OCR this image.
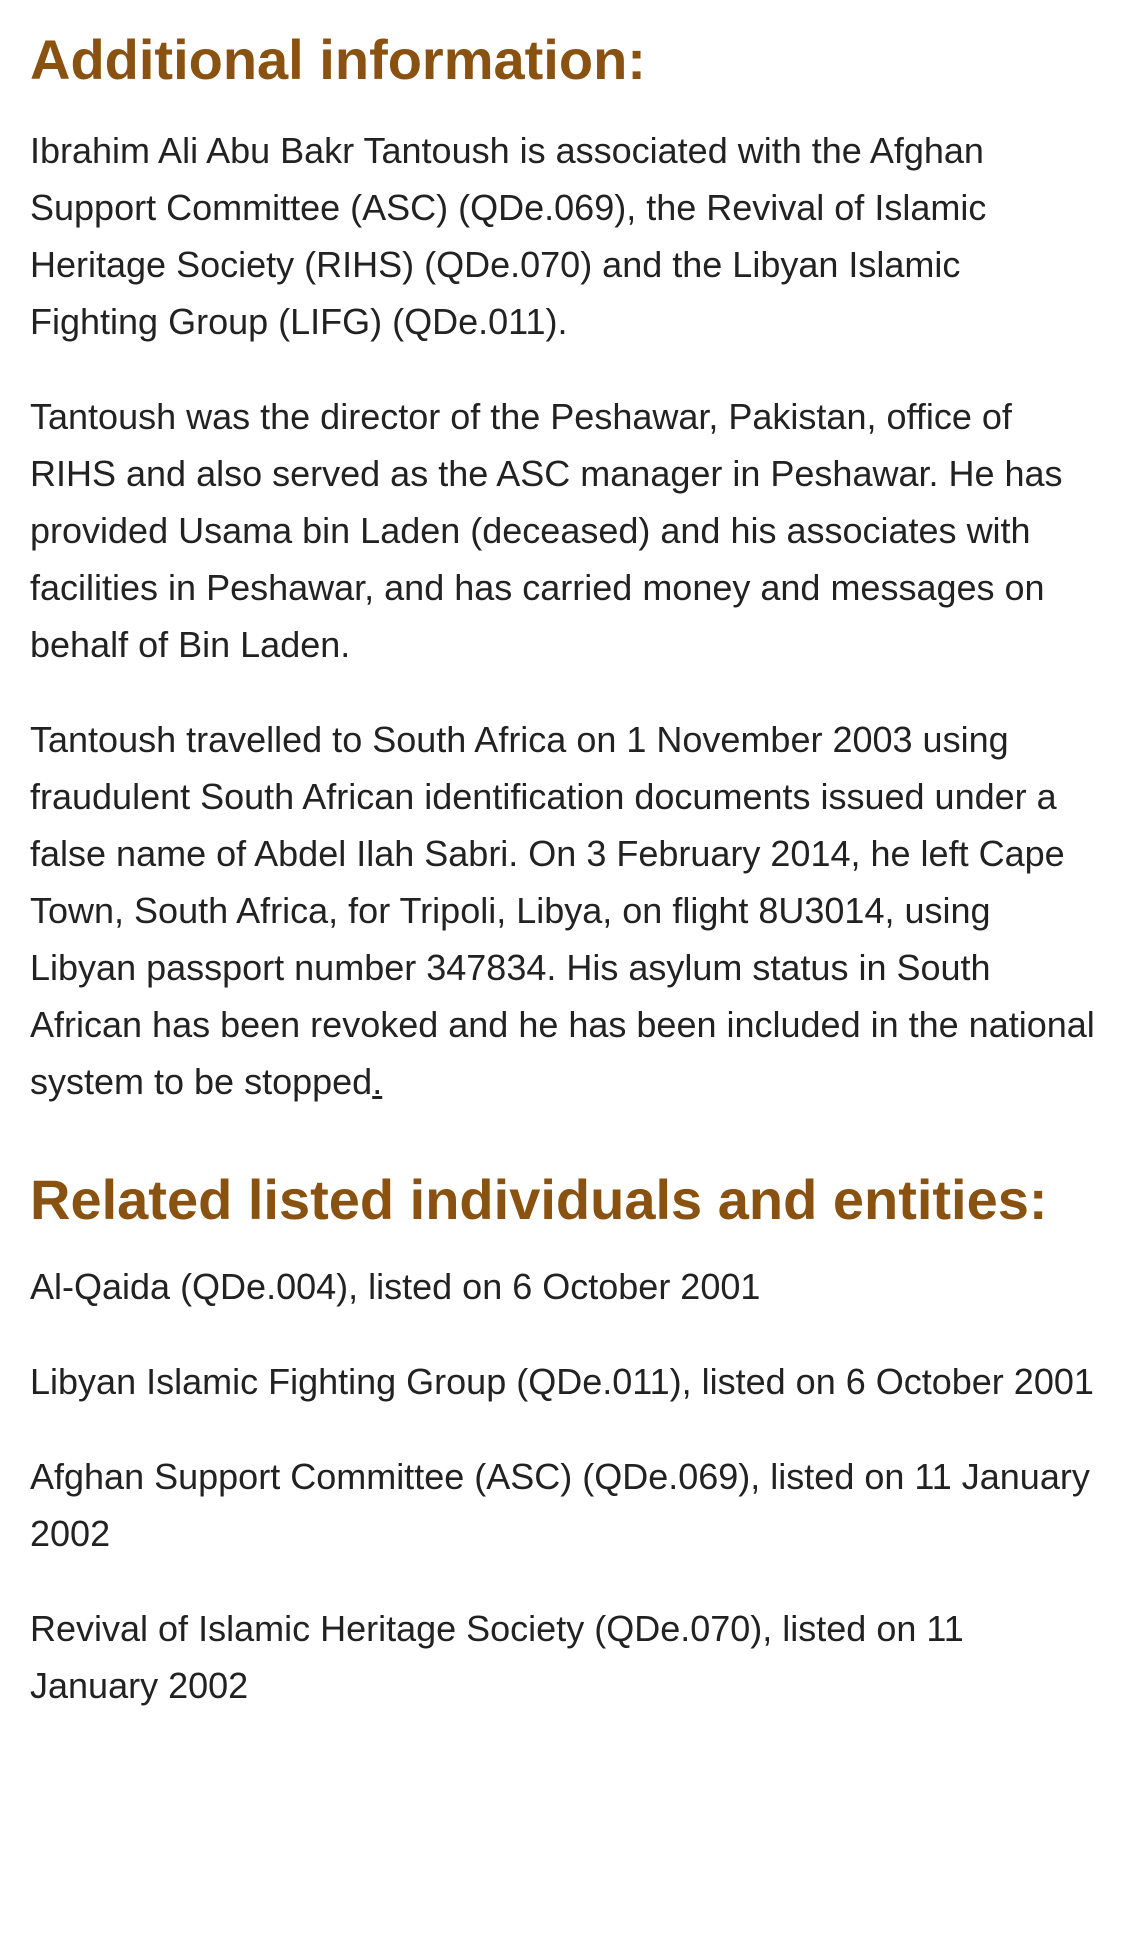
Additional information:

Ibrahim Ali Abu Bakr Tantoush is associated with the Afghan Support Committee (ASC) (QDe.069), the Revival of Islamic Heritage Society (RIHS) (QDe.070) and the Libyan Islamic Fighting Group (LIFG) (QDe.011).

Tantoush was the director of the Peshawar, Pakistan, office of RIHS and also served as the ASC manager in Peshawar. He has provided Usama bin Laden (deceased) and his associates with facilities in Peshawar, and has carried money and messages on behalf of Bin Laden.

Tantoush travelled to South Africa on 1 November 2003 using fraudulent South African identification documents issued under a false name of Abdel Ilah Sabri. On 3 February 2014, he left Cape Town, South Africa, for Tripoli, Libya, on flight 8U3014, using Libyan passport number 347834. His asylum status in South African has been revoked and he has been included in the national system to be stopped.

Related listed individuals and entities:

Al-Qaida (QDe.004), listed on 6 October 2001

Libyan Islamic Fighting Group (QDe.011), listed on 6 October 2001

Afghan Support Committee (ASC) (QDe.069), listed on 11 January 2002

Revival of Islamic Heritage Society (QDe.070), listed on 11 January 2002
